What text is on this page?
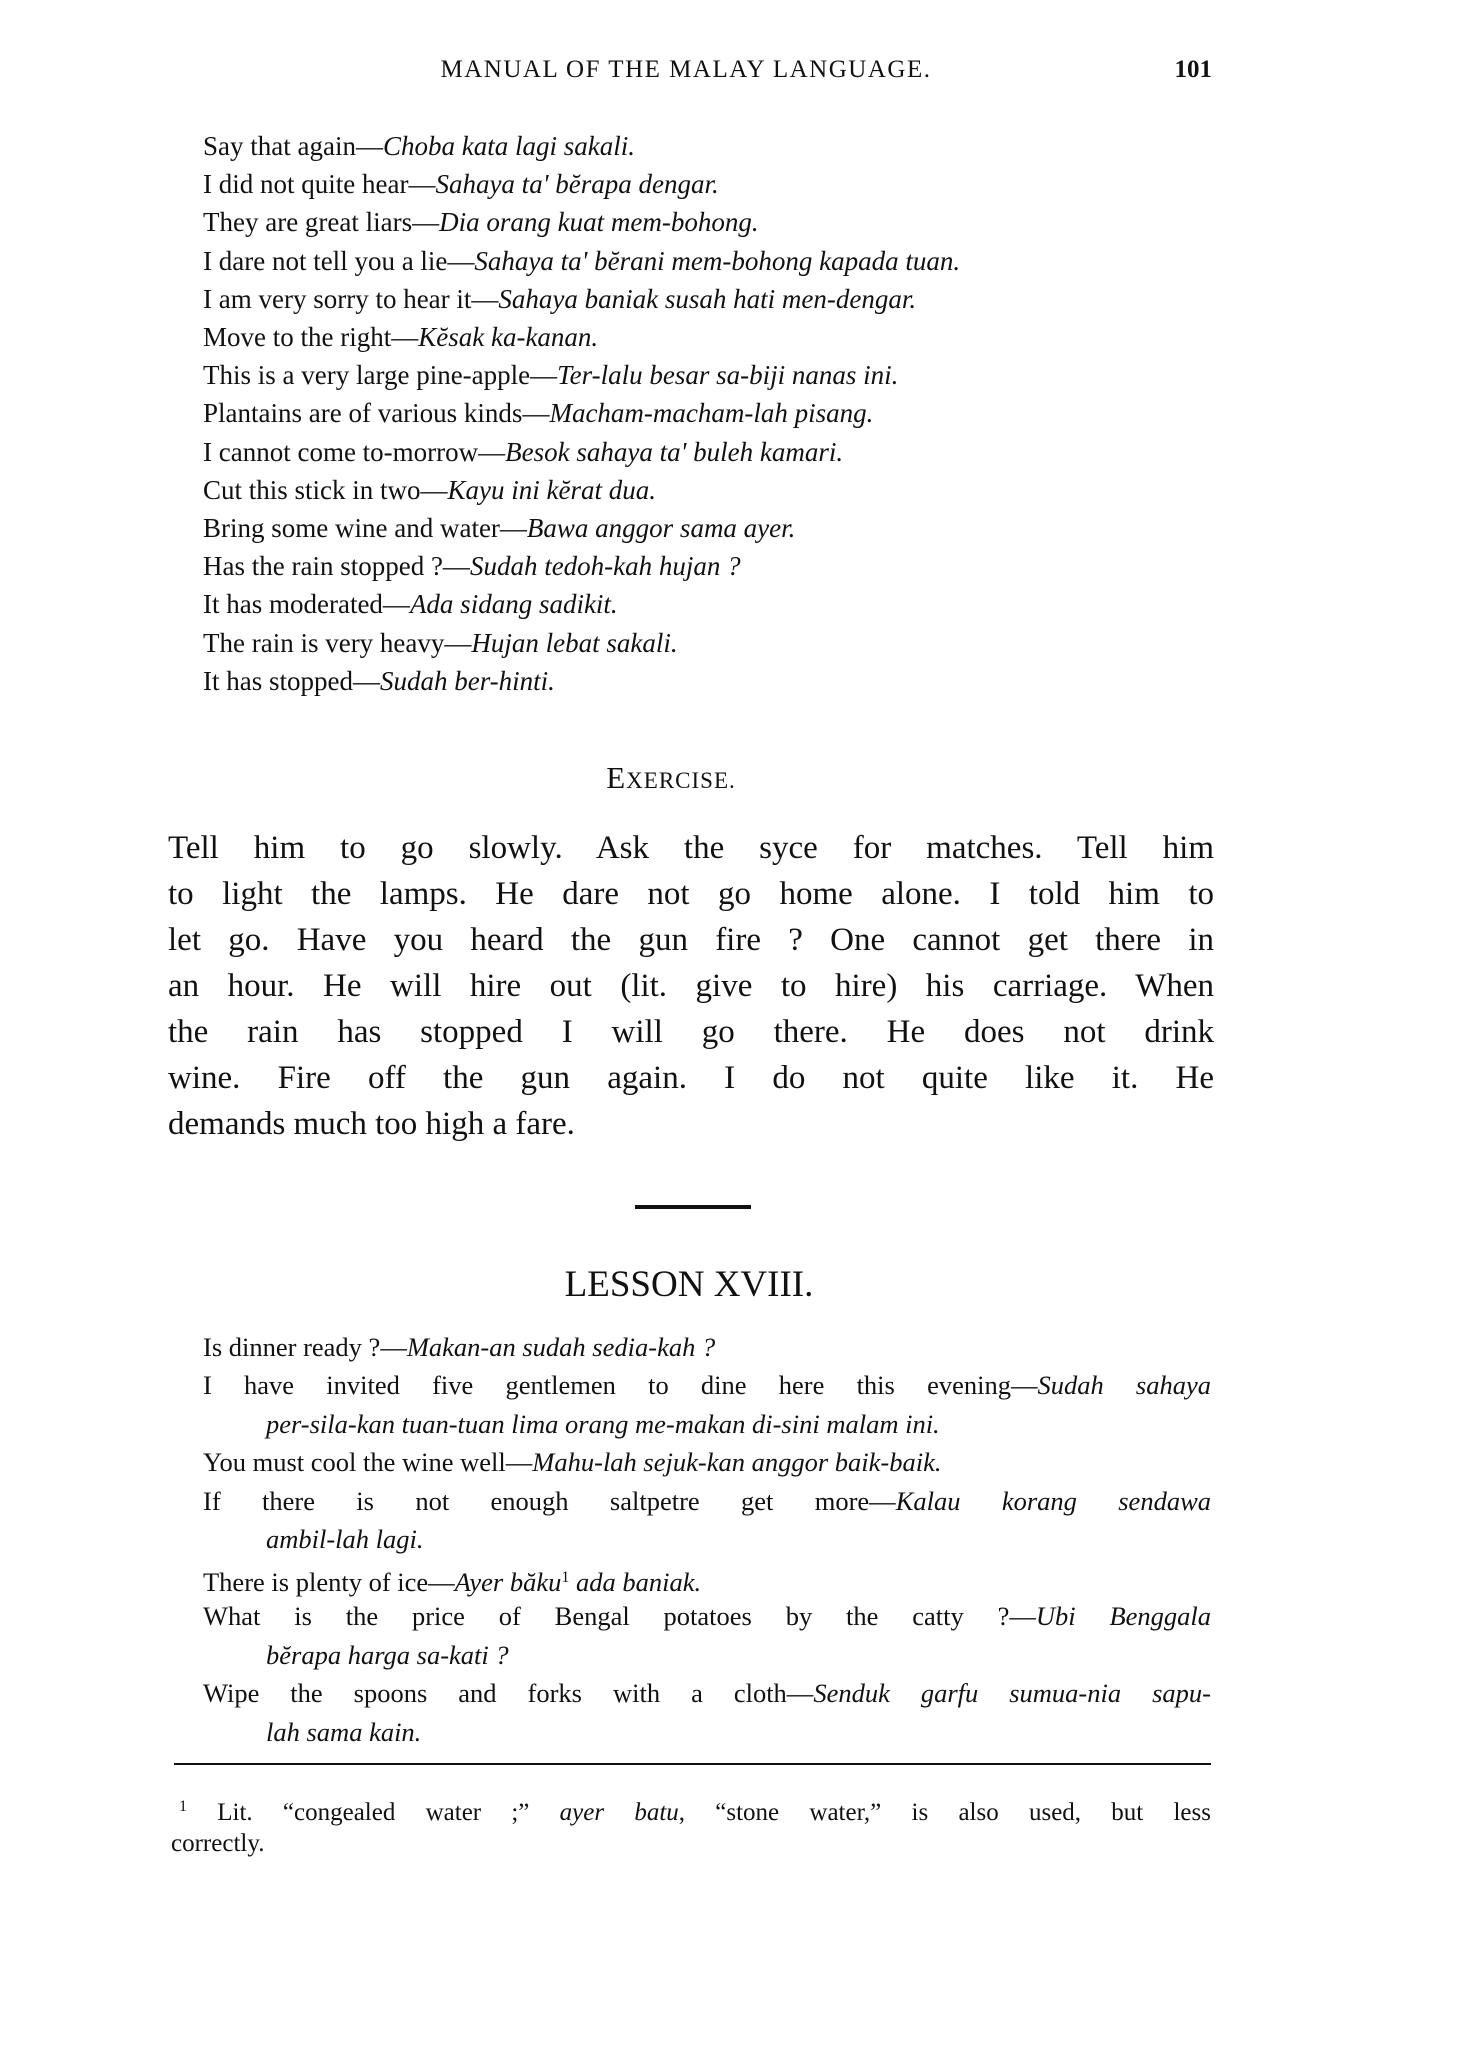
MANUAL OF THE MALAY LANGUAGE.	101
Say that again—Choba kata lagi sakali.
I did not quite hear—Sahaya ta' bĕrapa dengar.
They are great liars—Dia orang kuat mem-bohong.
I dare not tell you a lie—Sahaya ta' bĕrani mem-bohong kapada tuan.
I am very sorry to hear it—Sahaya baniak susah hati men-dengar.
Move to the right—Kĕsak ka-kanan.
This is a very large pine-apple—Ter-lalu besar sa-biji nanas ini.
Plantains are of various kinds—Macham-macham-lah pisang.
I cannot come to-morrow—Besok sahaya ta' buleh kamari.
Cut this stick in two—Kayu ini kĕrat dua.
Bring some wine and water—Bawa anggor sama ayer.
Has the rain stopped ?—Sudah tedoh-kah hujan ?
It has moderated—Ada sidang sadikit.
The rain is very heavy—Hujan lebat sakali.
It has stopped—Sudah ber-hinti.
EXERCISE.
Tell him to go slowly. Ask the syce for matches. Tell him
to light the lamps. He dare not go home alone. I told him to
let go. Have you heard the gun fire ? One cannot get there in
an hour. He will hire out (lit. give to hire) his carriage. When
the rain has stopped I will go there. He does not drink
wine. Fire off the gun again. I do not quite like it. He
demands much too high a fare.
LESSON XVIII.
Is dinner ready ?—Makan-an sudah sedia-kah ?
I have invited five gentlemen to dine here this evening—Sudah sahaya
per-sila-kan tuan-tuan lima orang me-makan di-sini malam ini.
You must cool the wine well—Mahu-lah sejuk-kan anggor baik-baik.
If there is not enough saltpetre get more—Kalau korang sendawa
ambil-lah lagi.
There is plenty of ice—Ayer băku$^1$ ada baniak.
What is the price of Bengal potatoes by the catty ?—Ubi Benggala
bĕrapa harga sa-kati ?
Wipe the spoons and forks with a cloth—Senduk garfu sumua-nia sapu-
lah sama kain.
$^1$ Lit. “congealed water ;” ayer batu, “stone water,” is also used, but less
correctly.
